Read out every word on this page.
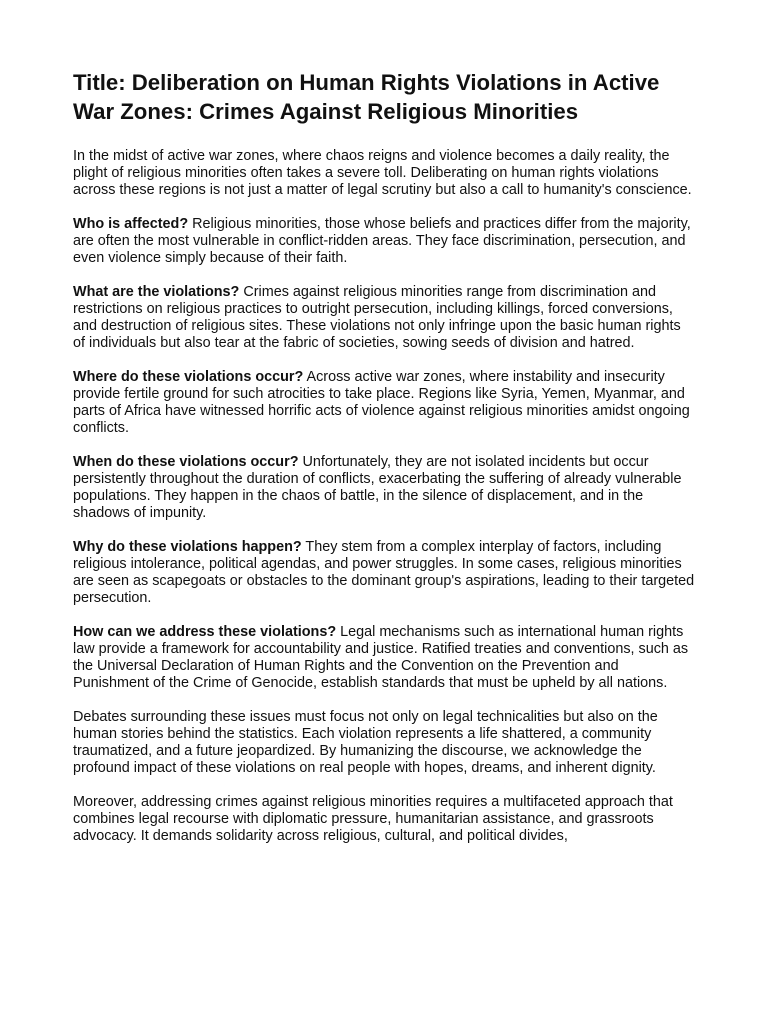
Title: Deliberation on Human Rights Violations in Active War Zones: Crimes Against Religious Minorities

In the midst of active war zones, where chaos reigns and violence becomes a daily reality, the plight of religious minorities often takes a severe toll. Deliberating on human rights violations across these regions is not just a matter of legal scrutiny but also a call to humanity's conscience.

Who is affected? Religious minorities, those whose beliefs and practices differ from the majority, are often the most vulnerable in conflict-ridden areas. They face discrimination, persecution, and even violence simply because of their faith.

What are the violations? Crimes against religious minorities range from discrimination and restrictions on religious practices to outright persecution, including killings, forced conversions, and destruction of religious sites. These violations not only infringe upon the basic human rights of individuals but also tear at the fabric of societies, sowing seeds of division and hatred.

Where do these violations occur? Across active war zones, where instability and insecurity provide fertile ground for such atrocities to take place. Regions like Syria, Yemen, Myanmar, and parts of Africa have witnessed horrific acts of violence against religious minorities amidst ongoing conflicts.

When do these violations occur? Unfortunately, they are not isolated incidents but occur persistently throughout the duration of conflicts, exacerbating the suffering of already vulnerable populations. They happen in the chaos of battle, in the silence of displacement, and in the shadows of impunity.

Why do these violations happen? They stem from a complex interplay of factors, including religious intolerance, political agendas, and power struggles. In some cases, religious minorities are seen as scapegoats or obstacles to the dominant group's aspirations, leading to their targeted persecution.

How can we address these violations? Legal mechanisms such as international human rights law provide a framework for accountability and justice. Ratified treaties and conventions, such as the Universal Declaration of Human Rights and the Convention on the Prevention and Punishment of the Crime of Genocide, establish standards that must be upheld by all nations.

Debates surrounding these issues must focus not only on legal technicalities but also on the human stories behind the statistics. Each violation represents a life shattered, a community traumatized, and a future jeopardized. By humanizing the discourse, we acknowledge the profound impact of these violations on real people with hopes, dreams, and inherent dignity.

Moreover, addressing crimes against religious minorities requires a multifaceted approach that combines legal recourse with diplomatic pressure, humanitarian assistance, and grassroots advocacy. It demands solidarity across religious, cultural, and political divides,
